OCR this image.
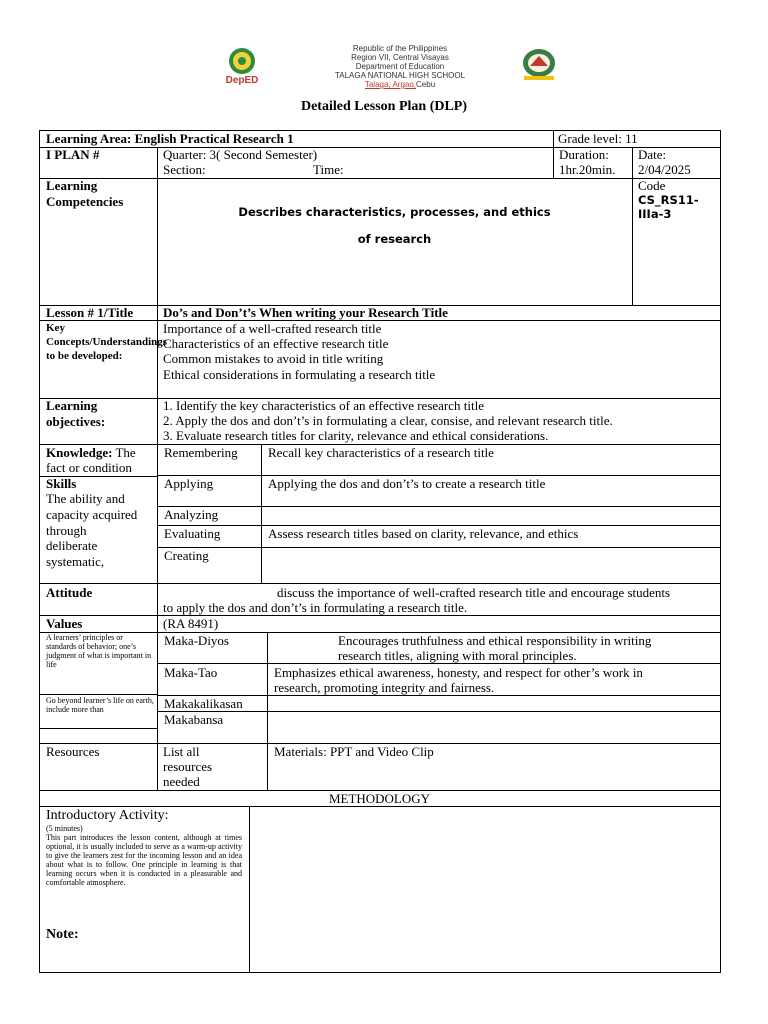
DepED
Republic of the Philippines
Region VII, Central Visayas
Department of Education
TALAGA NATIONAL HIGH SCHOOL
Talaga, Argao,Cebu
Detailed Lesson Plan (DLP)
Learning Area: English Practical Research 1	Grade level: 11
I PLAN #	Quarter: 3( Second Semester)
Section:	Time:
Duration:
1hr.20min.
Date:
2/04/2025
Learning
Competencies
Describes characteristics, processes, and ethics
of research
Code
CS_RS11-
IIIa-3
Lesson # 1/Title Do’s and Don’t’s When writing your Research Title
Key Concepts/Understandings to be developed:
Importance of a well-crafted research title
Characteristics of an effective research title
Common mistakes to avoid in title writing
Ethical considerations in formulating a research title
Learning
objectives:
1. Identify the key characteristics of an effective research title
2. Apply the dos and don’t’s in formulating a clear, consise, and relevant research title.
3. Evaluate research titles for clarity, relevance and ethical considerations.
Knowledge: The
fact or condition
Remembering Recall key characteristics of a research title
Skills
The ability and
capacity acquired
through
deliberate
systematic,
Applying	Applying the dos and don’t’s to create a research title
Analyzing
Evaluating	Assess research titles based on clarity, relevance, and ethics
Creating
Attitude	discuss the importance of well-crafted research title and encourage students
to apply the dos and don’t’s in formulating a research title.
Values	(RA 8491)
A learners’ principles or standards of behavior; one’s judgment of what is important in life
Go beyond learner’s life on earth, include more than
Maka-Diyos	Encourages truthfulness and ethical responsibility in writing
research titles, aligning with moral principles.
Maka-Tao	Emphasizes ethical awareness, honesty, and respect for other’s work in
research, promoting integrity and fairness.
Makakalikasan
Makabansa
Resources	List all
resources
needed
Materials: PPT and Video Clip
METHODOLOGY
Introductory Activity:
(5 minutes)
This part introduces the lesson content, although at times optional, it is usually included to serve as a warm-up activity to give the learners zest for the incoming lesson and an idea about what is to follow. One principle in learning is that learning occurs when it is conducted in a pleasurable and comfortable atmosphere.
Note:
